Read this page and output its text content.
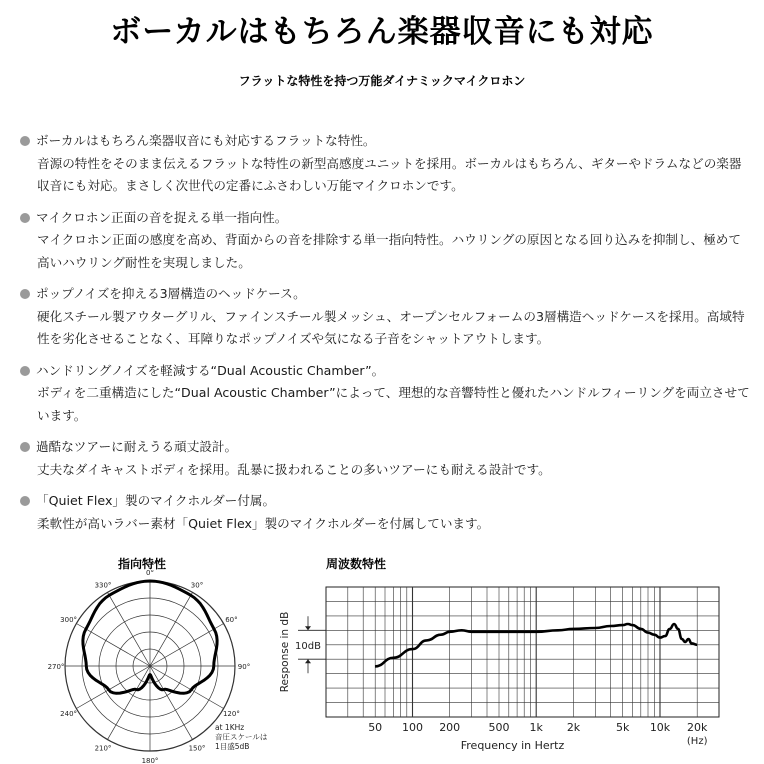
ボーカルはもちろん楽器収音にも対応
フラットな特性を持つ万能ダイナミックマイクロホン
ボーカルはもちろん楽器収音にも対応するフラットな特性。
音源の特性をそのまま伝えるフラットな特性の新型高感度ユニットを採用。ボーカルはもちろん、ギターやドラムなどの楽器収音にも対応。まさしく次世代の定番にふさわしい万能マイクロホンです。
マイクロホン正面の音を捉える単一指向性。
マイクロホン正面の感度を高め、背面からの音を排除する単一指向特性。ハウリングの原因となる回り込みを抑制し、極めて高いハウリング耐性を実現しました。
ポップノイズを抑える3層構造のヘッドケース。
硬化スチール製アウターグリル、ファインスチール製メッシュ、オープンセルフォームの3層構造ヘッドケースを採用。高域特性を劣化させることなく、耳障りなポップノイズや気になる子音をシャットアウトします。
ハンドリングノイズを軽減する“Dual Acoustic Chamber”。
ボディを二重構造にした“Dual Acoustic Chamber”によって、理想的な音響特性と優れたハンドルフィーリングを両立させています。
過酷なツアーに耐えうる頑丈設計。
丈夫なダイキャストボディを採用。乱暴に扱われることの多いツアーにも耐える設計です。
「Quiet Flex」製のマイクホルダー付属。
柔軟性が高いラバー素材「Quiet Flex」製のマイクホルダーを付属しています。
指向特性	周波数特性
0°
30°
60°
90°
120°
150°
180°
210°
240°
270°
300°
330°
at 1KHz
音圧スケールは
1目盛5dB
50 100 200	500 1k 2k	5k 10k 20k
(Hz)
Frequency in Hertz
Response in dB 10dB
